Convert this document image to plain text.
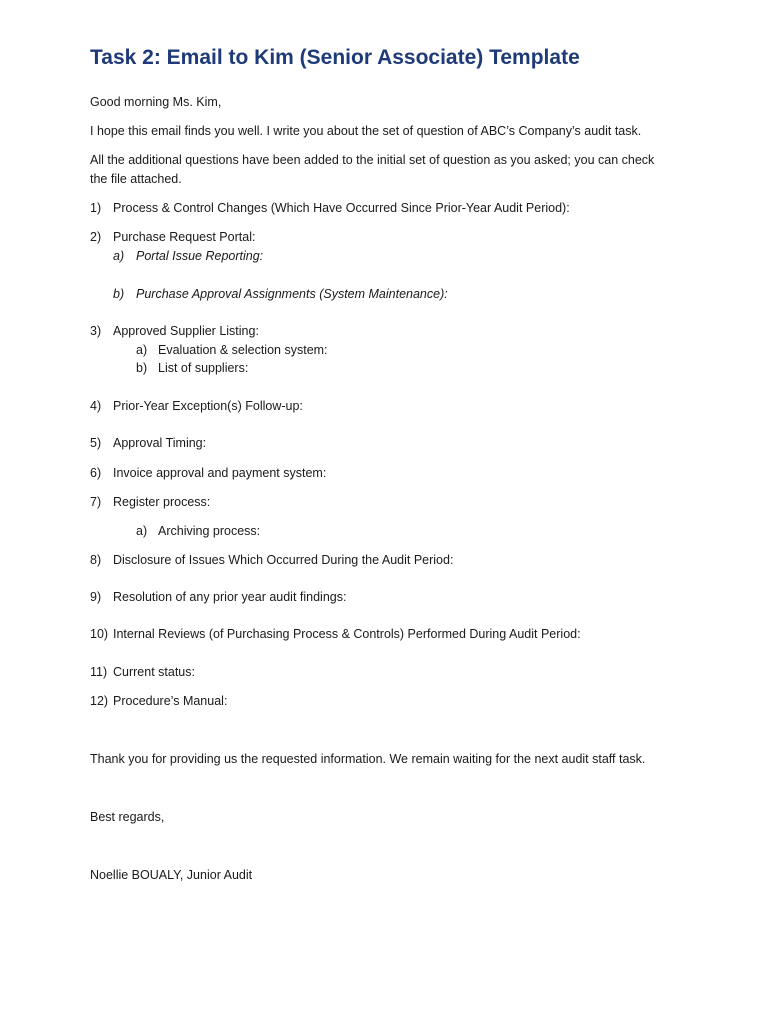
Task 2: Email to Kim (Senior Associate) Template
Good morning Ms. Kim,
I hope this email finds you well. I write you about the set of question of ABC’s Company’s audit task.
All the additional questions have been added to the initial set of question as you asked; you can check
the file attached.
1) Process & Control Changes (Which Have Occurred Since Prior-Year Audit Period):
2) Purchase Request Portal:
a) Portal Issue Reporting:
b) Purchase Approval Assignments (System Maintenance):
3) Approved Supplier Listing:
a) Evaluation & selection system:
b) List of suppliers:
4) Prior-Year Exception(s) Follow-up:
5) Approval Timing:
6) Invoice approval and payment system:
7) Register process:
a) Archiving process:
8) Disclosure of Issues Which Occurred During the Audit Period:
9) Resolution of any prior year audit findings:
10) Internal Reviews (of Purchasing Process & Controls) Performed During Audit Period:
11) Current status:
12) Procedure’s Manual:
Thank you for providing us the requested information. We remain waiting for the next audit staff task.
Best regards,
Noellie BOUALY, Junior Audit
